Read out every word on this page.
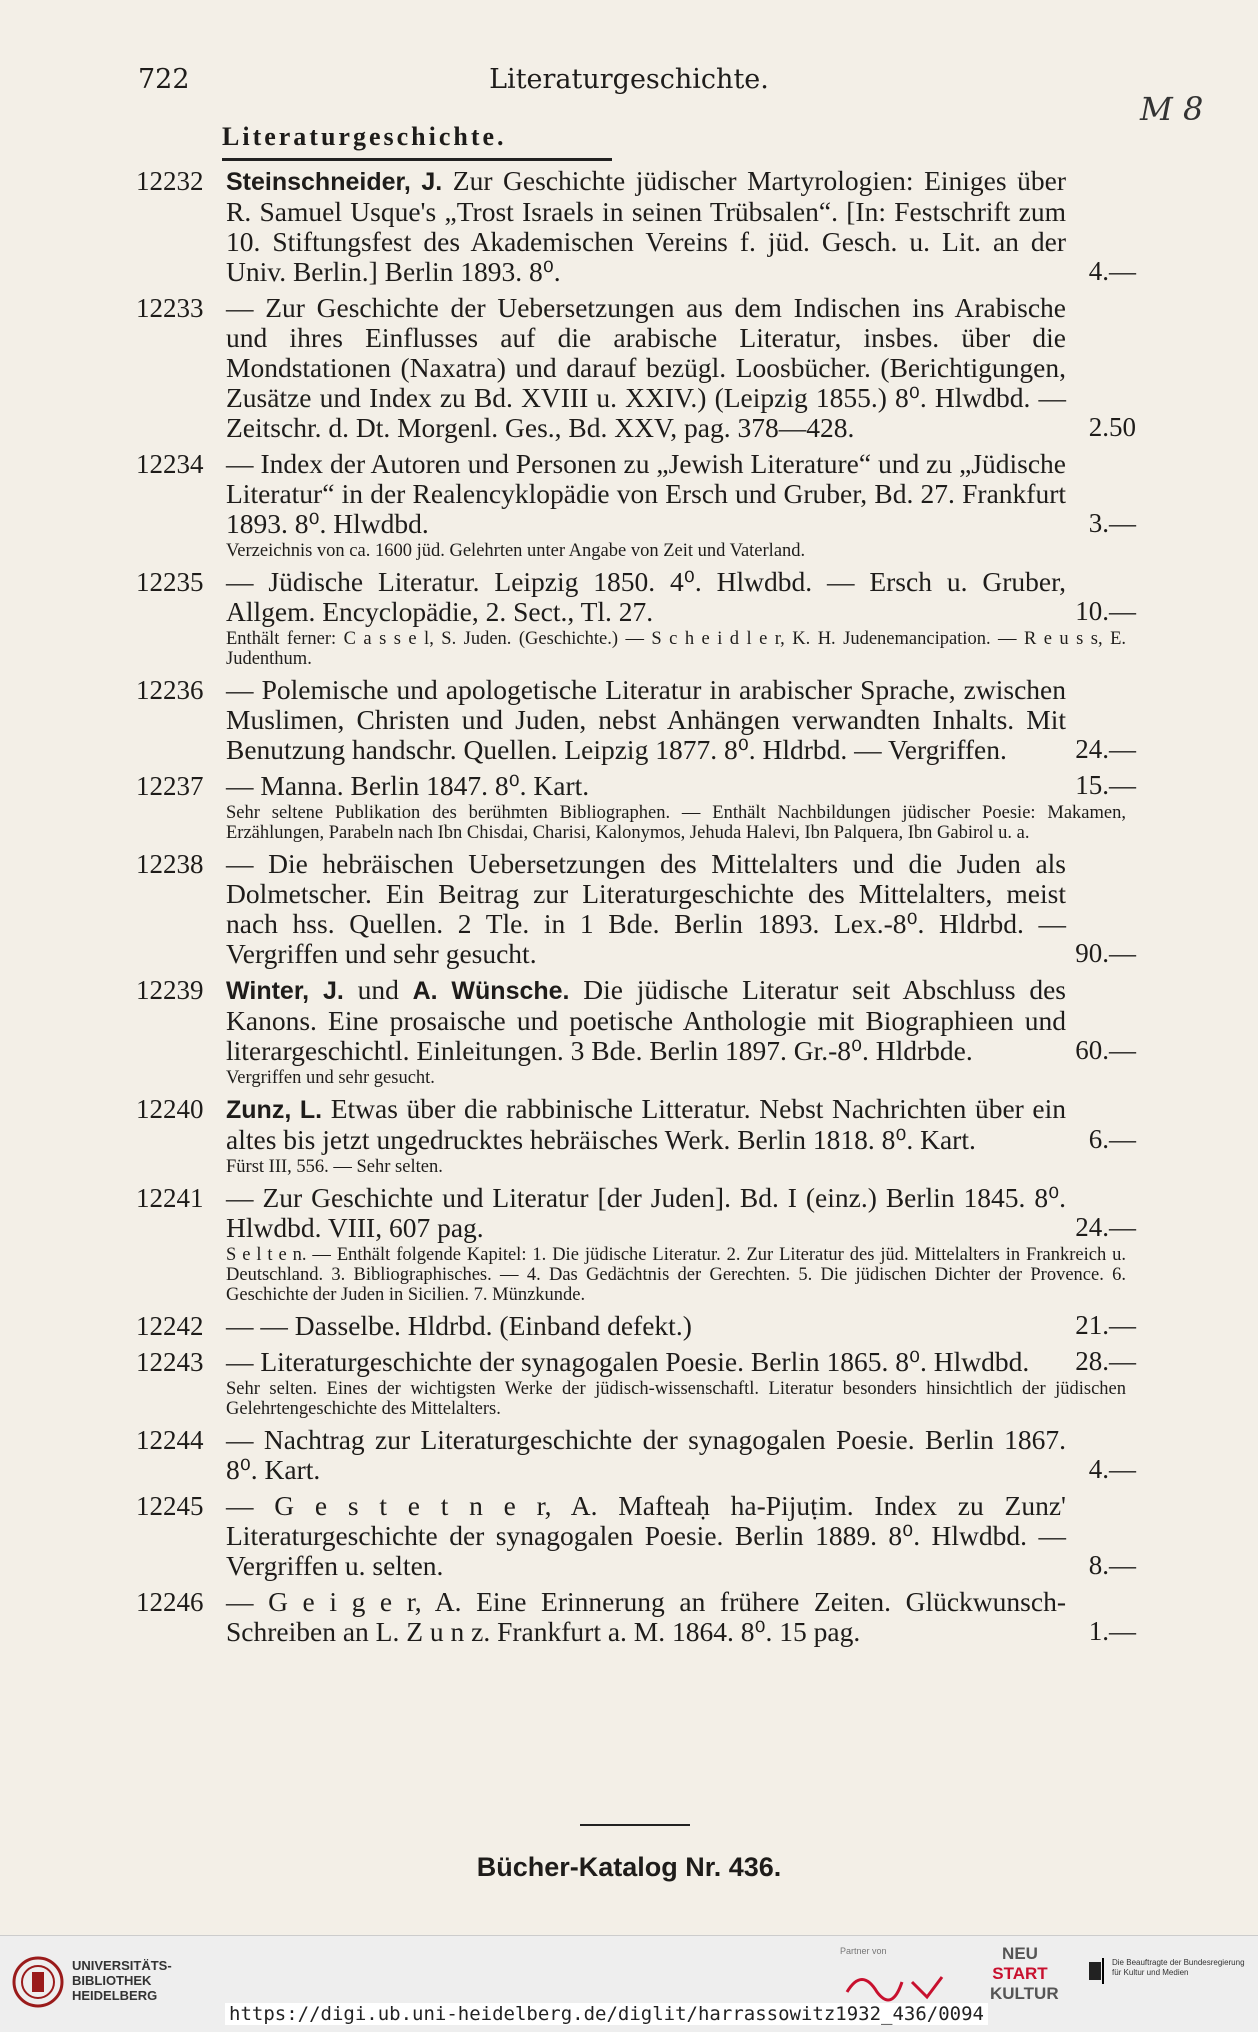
722	Literaturgeschichte.
M 8
Literaturgeschichte.
12232 Steinschneider, J. Zur Geschichte jüdischer Martyrologien: Einiges über R. Samuel Usque's „Trost Israels in seinen Trübsalen“. [In: Festschrift zum 10. Stiftungsfest des Akademischen Vereins f. jüd. Gesch. u. Lit. an der Univ. Berlin.] Berlin 1893. 8⁰.	4.—
12233 — Zur Geschichte der Uebersetzungen aus dem Indischen ins Arabische und ihres Einflusses auf die arabische Literatur, insbes. über die Mondstationen (Naxatra) und darauf bezügl. Loosbücher. (Berichtigungen, Zusätze und Index zu Bd. XVIII u. XXIV.) (Leipzig 1855.) 8⁰. Hlwdbd. — Zeitschr. d. Dt. Morgenl. Ges., Bd. XXV, pag. 378—428.	2.50
12234 — Index der Autoren und Personen zu „Jewish Literature“ und zu „Jüdische Literatur“ in der Realencyklopädie von Ersch und Gruber, Bd. 27. Frankfurt 1893. 8⁰. Hlwdbd.	3.—
Verzeichnis von ca. 1600 jüd. Gelehrten unter Angabe von Zeit und Vaterland.
12235 — Jüdische Literatur. Leipzig 1850. 4⁰. Hlwdbd. — Ersch u. Gruber, Allgem. Encyclopädie, 2. Sect., Tl. 27.	10.—
Enthält ferner: C a s s e l, S. Juden. (Geschichte.) — S c h e i d l e r, K. H. Judenemancipation. — R e u s s, E. Judenthum.
12236 — Polemische und apologetische Literatur in arabischer Sprache, zwischen Muslimen, Christen und Juden, nebst Anhängen verwandten Inhalts. Mit Benutzung handschr. Quellen. Leipzig 1877. 8⁰. Hldrbd. — Vergriffen.	24.—
12237 — Manna. Berlin 1847. 8⁰. Kart.	15.—
Sehr seltene Publikation des berühmten Bibliographen. — Enthält Nachbildungen jüdischer Poesie: Makamen, Erzählungen, Parabeln nach Ibn Chisdai, Charisi, Kalonymos, Jehuda Halevi, Ibn Palquera, Ibn Gabirol u. a.
12238 — Die hebräischen Uebersetzungen des Mittelalters und die Juden als Dolmetscher. Ein Beitrag zur Literaturgeschichte des Mittelalters, meist nach hss. Quellen. 2 Tle. in 1 Bde. Berlin 1893. Lex.-8⁰. Hldrbd. — Vergriffen und sehr gesucht.	90.—
12239 Winter, J. und A. Wünsche. Die jüdische Literatur seit Abschluss des Kanons. Eine prosaische und poetische Anthologie mit Biographieen und literargeschichtl. Einleitungen. 3 Bde. Berlin 1897. Gr.-8⁰. Hldrbde.	60.—
Vergriffen und sehr gesucht.
12240 Zunz, L. Etwas über die rabbinische Litteratur. Nebst Nachrichten über ein altes bis jetzt ungedrucktes hebräisches Werk. Berlin 1818. 8⁰. Kart.	6.—
Fürst III, 556. — Sehr selten.
12241 — Zur Geschichte und Literatur [der Juden]. Bd. I (einz.) Berlin 1845. 8⁰. Hlwdbd. VIII, 607 pag.	24.—
S e l t e n. — Enthält folgende Kapitel: 1. Die jüdische Literatur. 2. Zur Literatur des jüd. Mittelalters in Frankreich u. Deutschland. 3. Bibliographisches. — 4. Das Gedächtnis der Gerechten. 5. Die jüdischen Dichter der Provence. 6. Geschichte der Juden in Sicilien. 7. Münzkunde.
12242 — — Dasselbe. Hldrbd. (Einband defekt.)	21.—
12243 — Literaturgeschichte der synagogalen Poesie. Berlin 1865. 8⁰. Hlwdbd.	28.—
Sehr selten. Eines der wichtigsten Werke der jüdisch-wissenschaftl. Literatur besonders hinsichtlich der jüdischen Gelehrtengeschichte des Mittelalters.
12244 — Nachtrag zur Literaturgeschichte der synagogalen Poesie. Berlin 1867. 8⁰. Kart.	4.—
12245 — G e s t e t n e r, A. Mafteaḥ ha-Pijuṭim. Index zu Zunz' Literaturgeschichte der synagogalen Poesie. Berlin 1889. 8⁰. Hlwdbd. — Vergriffen u. selten.	8.—
12246 — G e i g e r, A. Eine Erinnerung an frühere Zeiten. Glückwunsch-Schreiben an L. Z u n z. Frankfurt a. M. 1864. 8⁰. 15 pag.	1.—
Bücher-Katalog Nr. 436.
UNIVERSITÄTS-
BIBLIOTHEK
HEIDELBERG
Partner von	NEU
START
KULTUR
Die Beauftragte der Bundesregierung für Kultur und Medien
https://digi.ub.uni-heidelberg.de/diglit/harrassowitz1932_436/0094
